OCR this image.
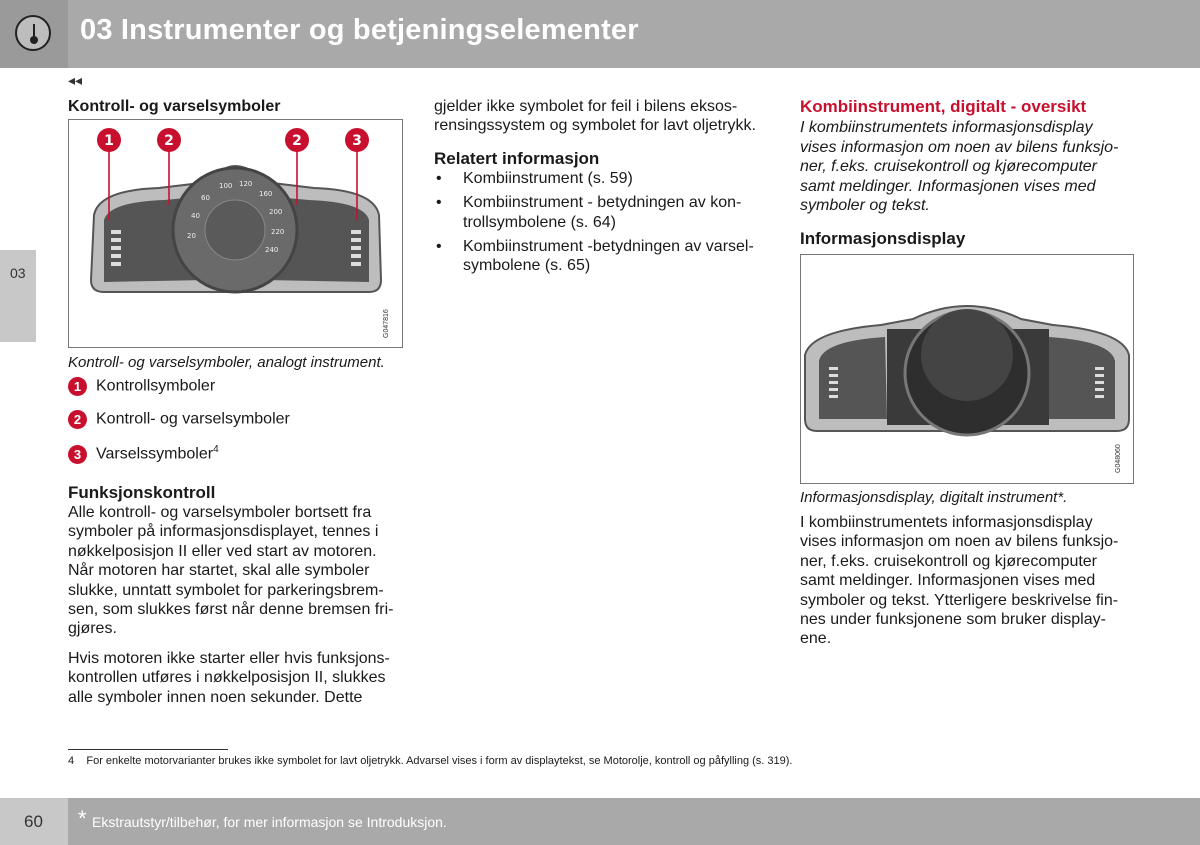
03 Instrumenter og betjeningselementer
◂◂
03
Kontroll- og varselsymboler
20
40
60
100 120
160
200
220
240
1	2	2	3
G047816
Kontroll- og varselsymboler, analogt instrument.
1 Kontrollsymboler
2 Kontroll- og varselsymboler
3 Varselssymboler$^4$
Funksjonskontroll

Alle kontroll- og varselsymboler bortsett fra
symboler på informasjonsdisplayet, tennes i
nøkkelposisjon II eller ved start av motoren.
Når motoren har startet, skal alle symboler
slukke, unntatt symbolet for parkeringsbrem-
sen, som slukkes først når denne bremsen fri-
gjøres.

Hvis motoren ikke starter eller hvis funksjons-
kontrollen utføres i nøkkelposisjon II, slukkes
alle symboler innen noen sekunder. Dette

gjelder ikke symbolet for feil i bilens eksos-
rensingssystem og symbolet for lavt oljetrykk.

Relatert informasjon
• Kombiinstrument (s. 59)
• Kombiinstrument - betydningen av kon-
trollsymbolene (s. 64)
• Kombiinstrument -betydningen av varsel-
symbolene (s. 65)
Kombiinstrument, digitalt - oversikt

I kombiinstrumentets informasjonsdisplay
vises informasjon om noen av bilens funksjo-
ner, f.eks. cruisekontroll og kjørecomputer
samt meldinger. Informasjonen vises med
symboler og tekst.

Informasjonsdisplay
G048060
Informasjonsdisplay, digitalt instrument*.

I kombiinstrumentets informasjonsdisplay
vises informasjon om noen av bilens funksjo-
ner, f.eks. cruisekontroll og kjørecomputer
samt meldinger. Informasjonen vises med
symboler og tekst. Ytterligere beskrivelse fin-
nes under funksjonene som bruker display-
ene.

4 For enkelte motorvarianter brukes ikke symbolet for lavt oljetrykk. Advarsel vises i form av displaytekst, se Motorolje, kontroll og påfylling (s. 319).
60 * Ekstrautstyr/tilbehør, for mer informasjon se Introduksjon.
